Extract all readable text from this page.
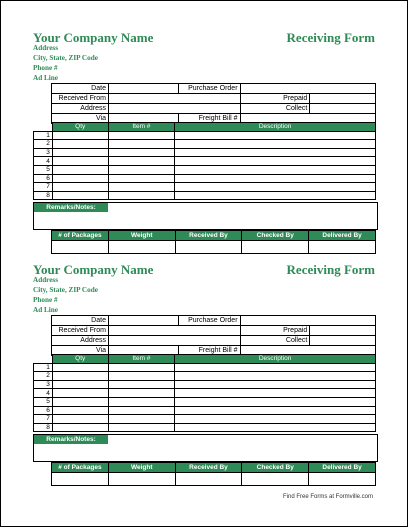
Your Company Name	Receiving Form
Address
City, State, ZIP Code
Phone #
Ad Line
Date		Purchase Order		
Received From			Prepaid	
Address			Collect	
Via		Freight Bill #		
	Qty	Item #	Description
1			
2			
3			
4			
5			
6			
7			
8			
Remarks/Notes:
# of Packages	Weight	Received By	Checked By	Delivered By

Your Company Name	Receiving Form
Address
City, State, ZIP Code
Phone #
Ad Line
Date		Purchase Order		
Received From			Prepaid	
Address			Collect	
Via		Freight Bill #		
	Qty	Item #	Description
1			
2			
3			
4			
5			
6			
7			
8			
Remarks/Notes:
# of Packages	Weight	Received By	Checked By	Delivered By

Find Free Forms at Formville.com
